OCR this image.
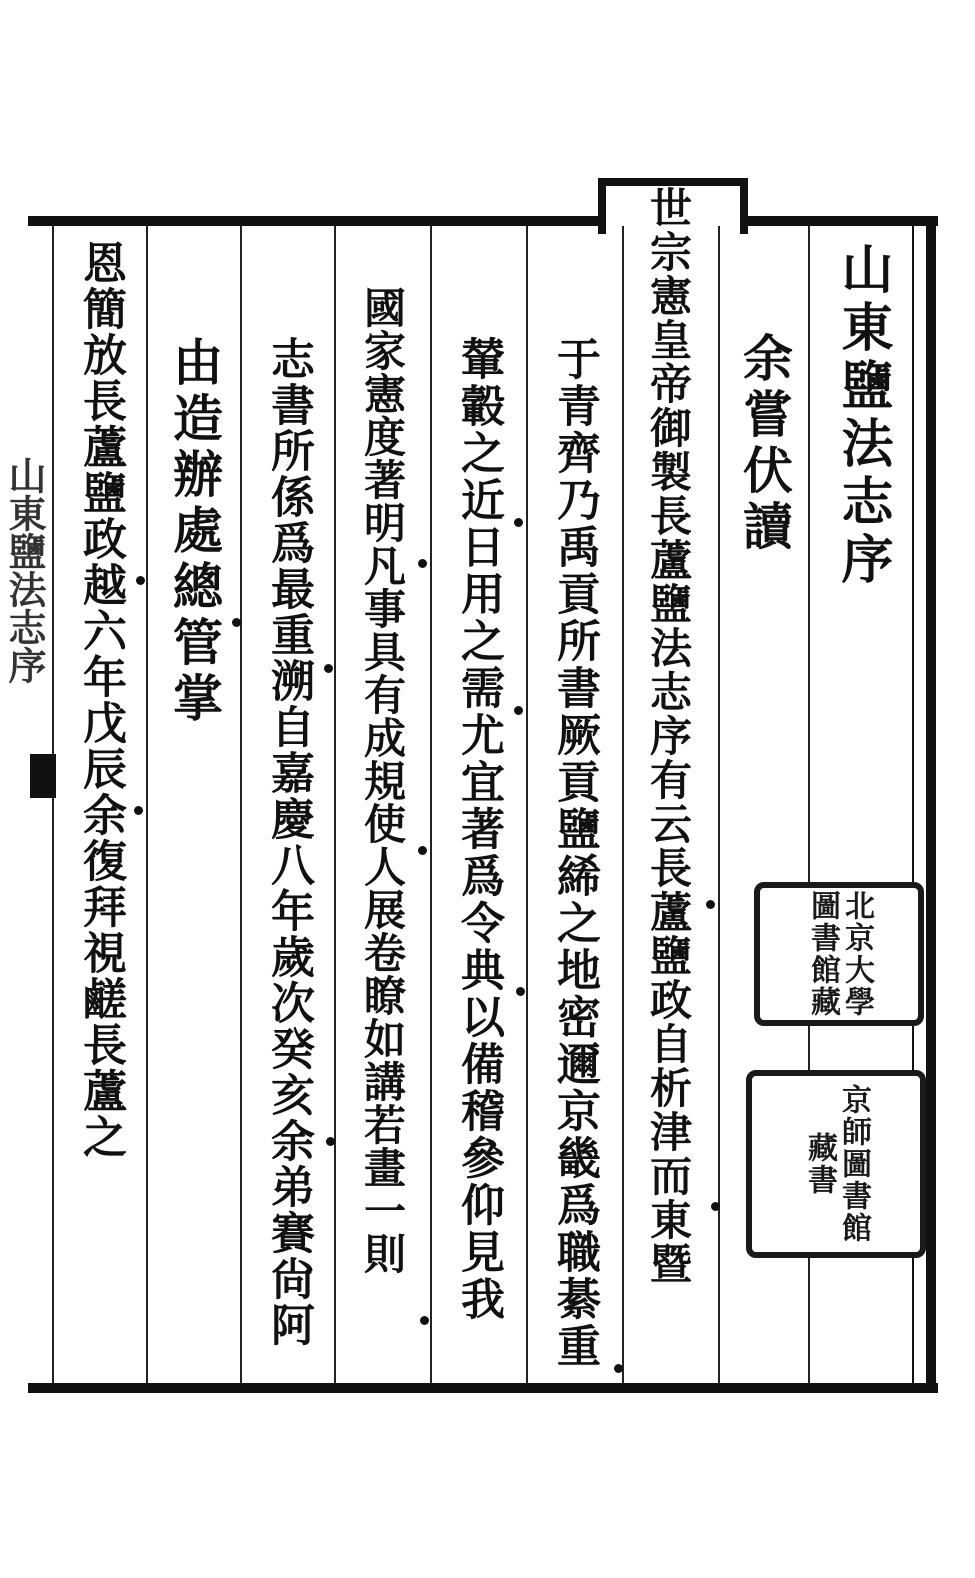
山東鹽法志序	山東鹽法志序
余嘗伏讀
世宗憲皇帝御製長蘆鹽法志序有云長蘆鹽政自析津而東暨
于青齊乃禹貢所書厥貢鹽絺之地密邇京畿爲職綦重
輦轂之近日用之需尤宜著爲令典以備稽參仰見我
國家憲度著明凡事具有成規使人展卷瞭如講若畫一則
志書所係爲最重溯自嘉慶八年歲次癸亥余弟賽尙阿
由造辦處總管掌
恩簡放長蘆鹽政越六年戊辰余復拜視鹺長蘆之	北京大學圖書館藏
京師圖書館藏書
